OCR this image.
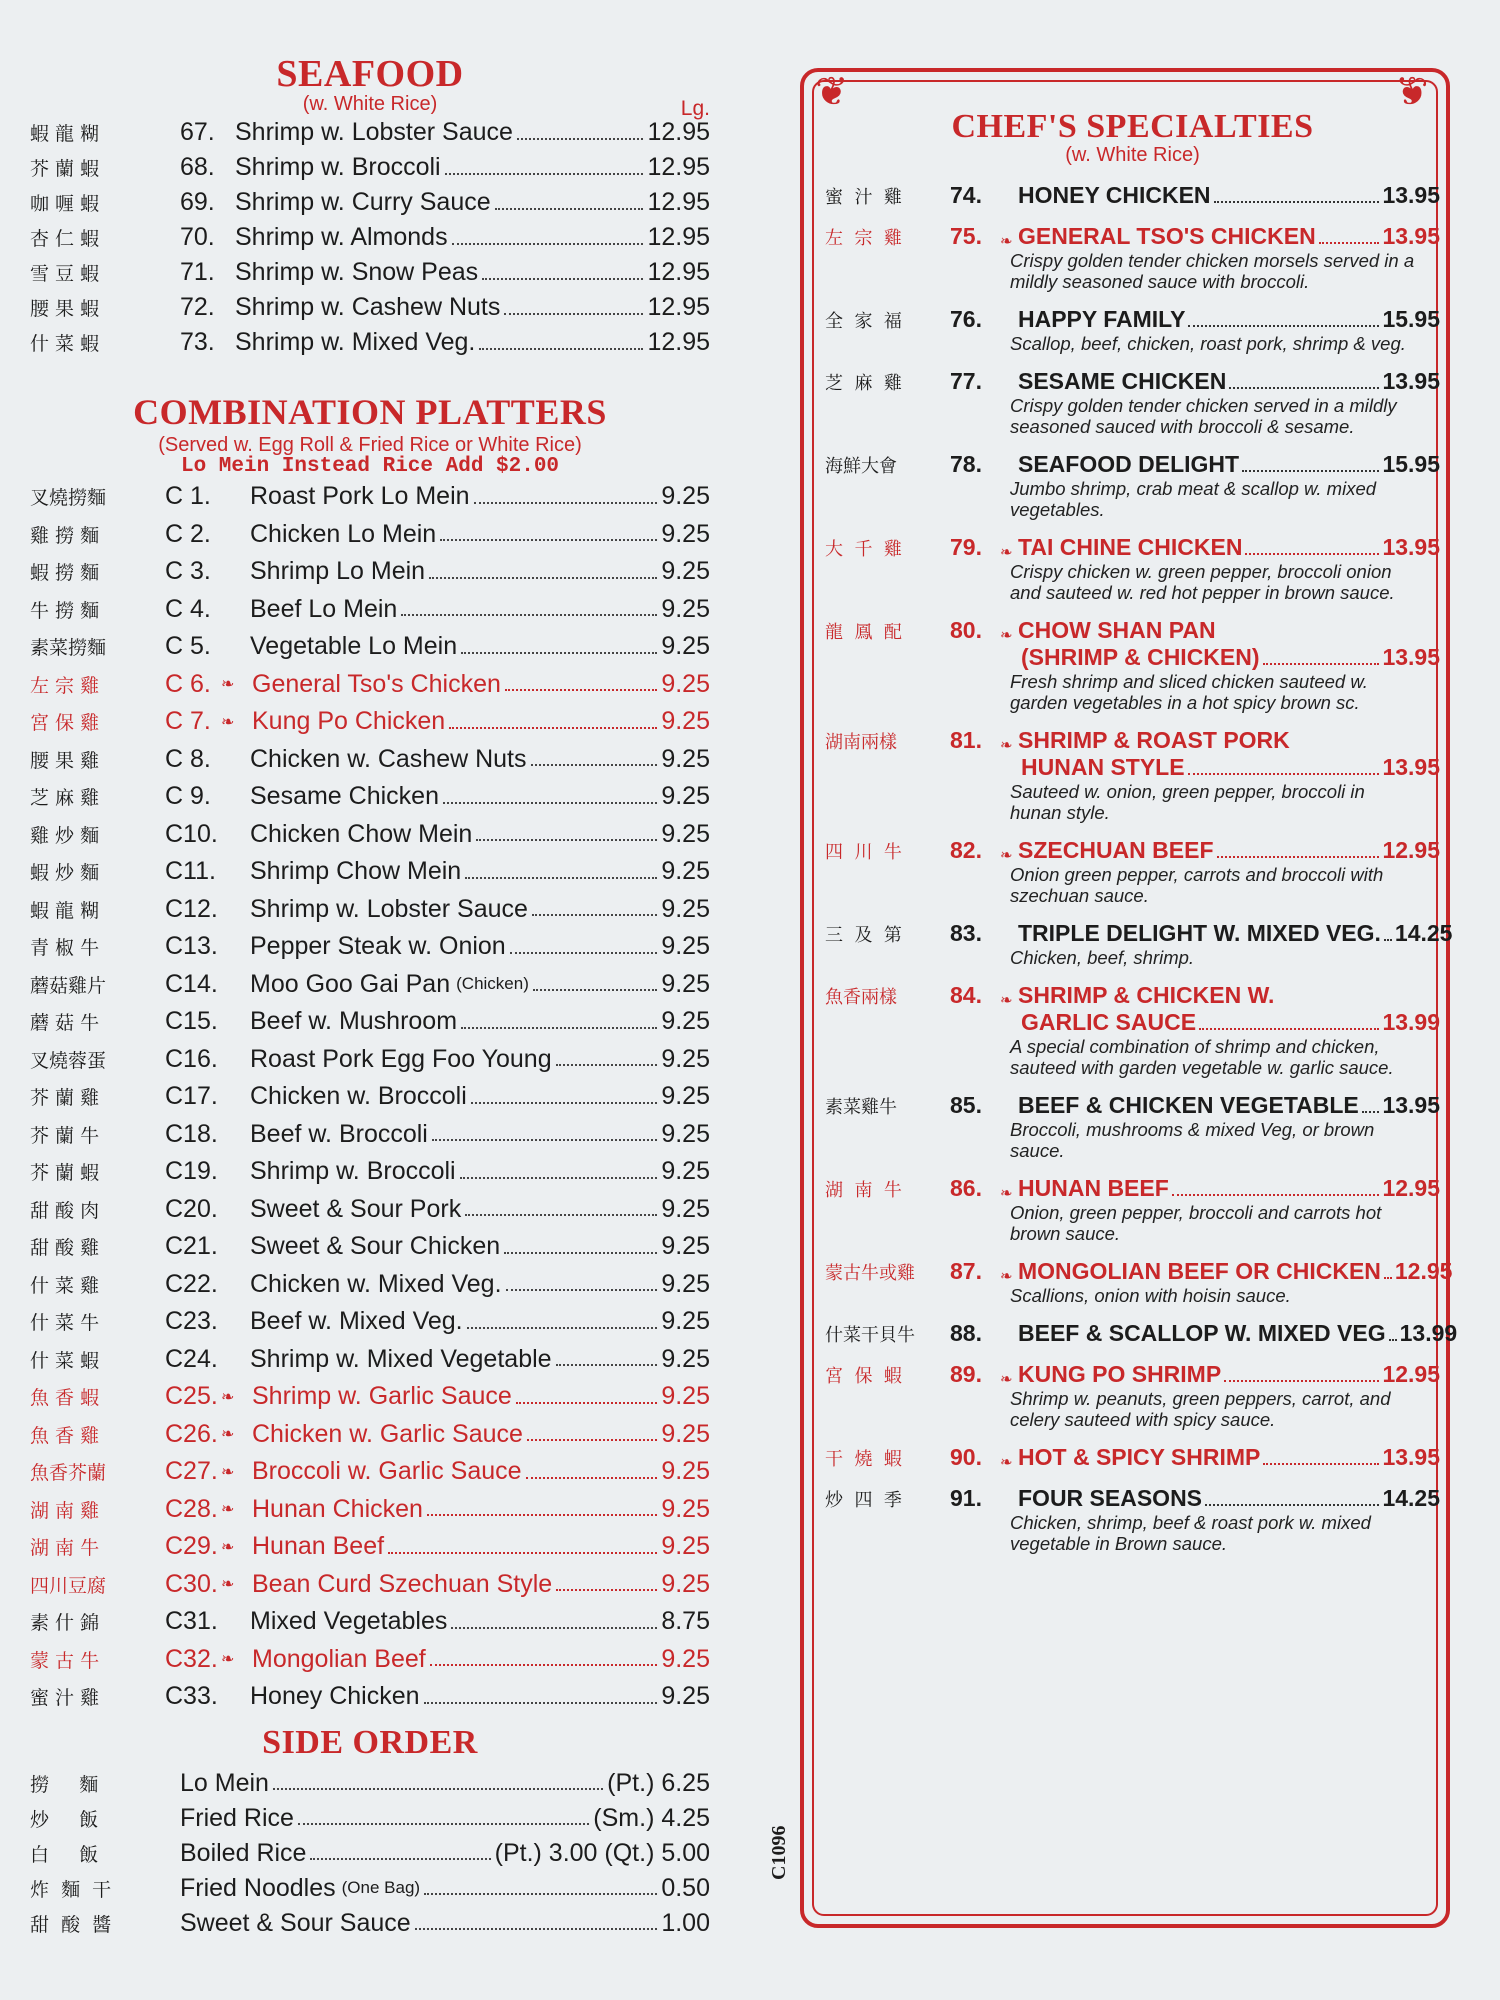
SEAFOOD
(w. White Rice)	Lg.
蝦 龍 糊	67. Shrimp w. Lobster Sauce	12.95
芥 蘭 蝦	68. Shrimp w. Broccoli	12.95
咖 喱 蝦	69. Shrimp w. Curry Sauce	12.95
杏 仁 蝦	70. Shrimp w. Almonds	12.95
雪 豆 蝦	71. Shrimp w. Snow Peas	12.95
腰 果 蝦	72. Shrimp w. Cashew Nuts	12.95
什 菜 蝦	73. Shrimp w. Mixed Veg.	12.95
COMBINATION PLATTERS
(Served w. Egg Roll & Fried Rice or White Rice)
Lo Mein Instead Rice Add $2.00
叉燒撈麵	C 1.	Roast Pork Lo Mein	9.25
雞 撈 麵	C 2.	Chicken Lo Mein	9.25
蝦 撈 麵	C 3.	Shrimp Lo Mein	9.25
牛 撈 麵	C 4.	Beef Lo Mein	9.25
素菜撈麵	C 5.	Vegetable Lo Mein	9.25
左 宗 雞	C 6. ❧ General Tso's Chicken	9.25
宮 保 雞	C 7. ❧ Kung Po Chicken	9.25
腰 果 雞	C 8.	Chicken w. Cashew Nuts	9.25
芝 麻 雞	C 9.	Sesame Chicken	9.25
雞 炒 麵	C10.	Chicken Chow Mein	9.25
蝦 炒 麵	C11.	Shrimp Chow Mein	9.25
蝦 龍 糊	C12.	Shrimp w. Lobster Sauce	9.25
青 椒 牛	C13.	Pepper Steak w. Onion	9.25
蘑菇雞片	C14.	Moo Goo Gai Pan (Chicken)	9.25
蘑 菇 牛	C15.	Beef w. Mushroom	9.25
叉燒蓉蛋	C16.	Roast Pork Egg Foo Young	9.25
芥 蘭 雞	C17.	Chicken w. Broccoli	9.25
芥 蘭 牛	C18.	Beef w. Broccoli	9.25
芥 蘭 蝦	C19.	Shrimp w. Broccoli	9.25
甜 酸 肉	C20.	Sweet & Sour Pork	9.25
甜 酸 雞	C21.	Sweet & Sour Chicken	9.25
什 菜 雞	C22.	Chicken w. Mixed Veg.	9.25
什 菜 牛	C23.	Beef w. Mixed Veg.	9.25
什 菜 蝦	C24.	Shrimp w. Mixed Vegetable	9.25
魚 香 蝦	C25. ❧ Shrimp w. Garlic Sauce	9.25
魚 香 雞	C26. ❧ Chicken w. Garlic Sauce	9.25
魚香芥蘭	C27. ❧ Broccoli w. Garlic Sauce	9.25
湖 南 雞	C28. ❧ Hunan Chicken	9.25
湖 南 牛	C29. ❧ Hunan Beef	9.25
四川豆腐	C30. ❧ Bean Curd Szechuan Style	9.25
素 什 錦	C31.	Mixed Vegetables	8.75
蒙 古 牛	C32. ❧ Mongolian Beef	9.25
蜜 汁 雞	C33.	Honey Chicken	9.25
SIDE ORDER
撈     麵	Lo Mein	(Pt.) 6.25
炒     飯	Fried Rice	(Sm.) 4.25
白     飯	Boiled Rice	(Pt.) 3.00 (Qt.) 5.00
炸  麵  干	Fried Noodles (One Bag)	0.50
甜  酸  醬	Sweet & Sour Sauce	1.00
❦	❦
CHEF'S SPECIALTIES
(w. White Rice)
蜜  汁  雞	74.	HONEY CHICKEN	13.95
左  宗  雞	75.	❧ GENERAL TSO'S CHICKEN	13.95
Crispy golden tender chicken morsels served in a mildly seasoned sauce with broccoli.
全  家  福	76.	HAPPY FAMILY	15.95
Scallop, beef, chicken, roast pork, shrimp & veg.
芝  麻  雞	77.	SESAME CHICKEN	13.95
Crispy golden tender chicken served in a mildly seasoned sauced with broccoli & sesame.
海鮮大會	78.	SEAFOOD DELIGHT	15.95
Jumbo shrimp, crab meat & scallop w. mixed vegetables.
大  千  雞	79.	❧ TAI CHINE CHICKEN	13.95
Crispy chicken w. green pepper, broccoli onion and sauteed w. red hot pepper in brown sauce.
龍  鳳  配	80.	❧ CHOW SHAN PAN
(SHRIMP & CHICKEN)	13.95
Fresh shrimp and sliced chicken sauteed w. garden vegetables in a hot spicy brown sc.
湖南兩樣	81.	❧ SHRIMP & ROAST PORK
HUNAN STYLE	13.95
Sauteed w. onion, green pepper, broccoli in hunan style.
四  川  牛	82.	❧ SZECHUAN BEEF	12.95
Onion green pepper, carrots and broccoli with szechuan sauce.
三  及  第	83.	TRIPLE DELIGHT W. MIXED VEG. 14.25
Chicken, beef, shrimp.
魚香兩樣	84.	❧ SHRIMP & CHICKEN W.
GARLIC SAUCE	13.99
A special combination of shrimp and chicken, sauteed with garden vegetable w. garlic sauce.
素菜雞牛	85.	BEEF & CHICKEN VEGETABLE 13.95
Broccoli, mushrooms & mixed Veg, or brown sauce.
湖  南  牛	86.	❧ HUNAN BEEF	12.95
Onion, green pepper, broccoli and carrots hot brown sauce.
蒙古牛或雞	87.	❧ MONGOLIAN BEEF OR CHICKEN 12.95
Scallions, onion with hoisin sauce.
什菜干貝牛	88.	BEEF & SCALLOP W. MIXED VEG 13.99
宮  保  蝦	89.	❧ KUNG PO SHRIMP	12.95
Shrimp w. peanuts, green peppers, carrot, and celery sauteed with spicy sauce.
干  燒  蝦	90.	❧ HOT & SPICY SHRIMP	13.95
炒  四  季	91.	FOUR SEASONS	14.25
Chicken, shrimp, beef & roast pork w. mixed vegetable in Brown sauce.
C1096
